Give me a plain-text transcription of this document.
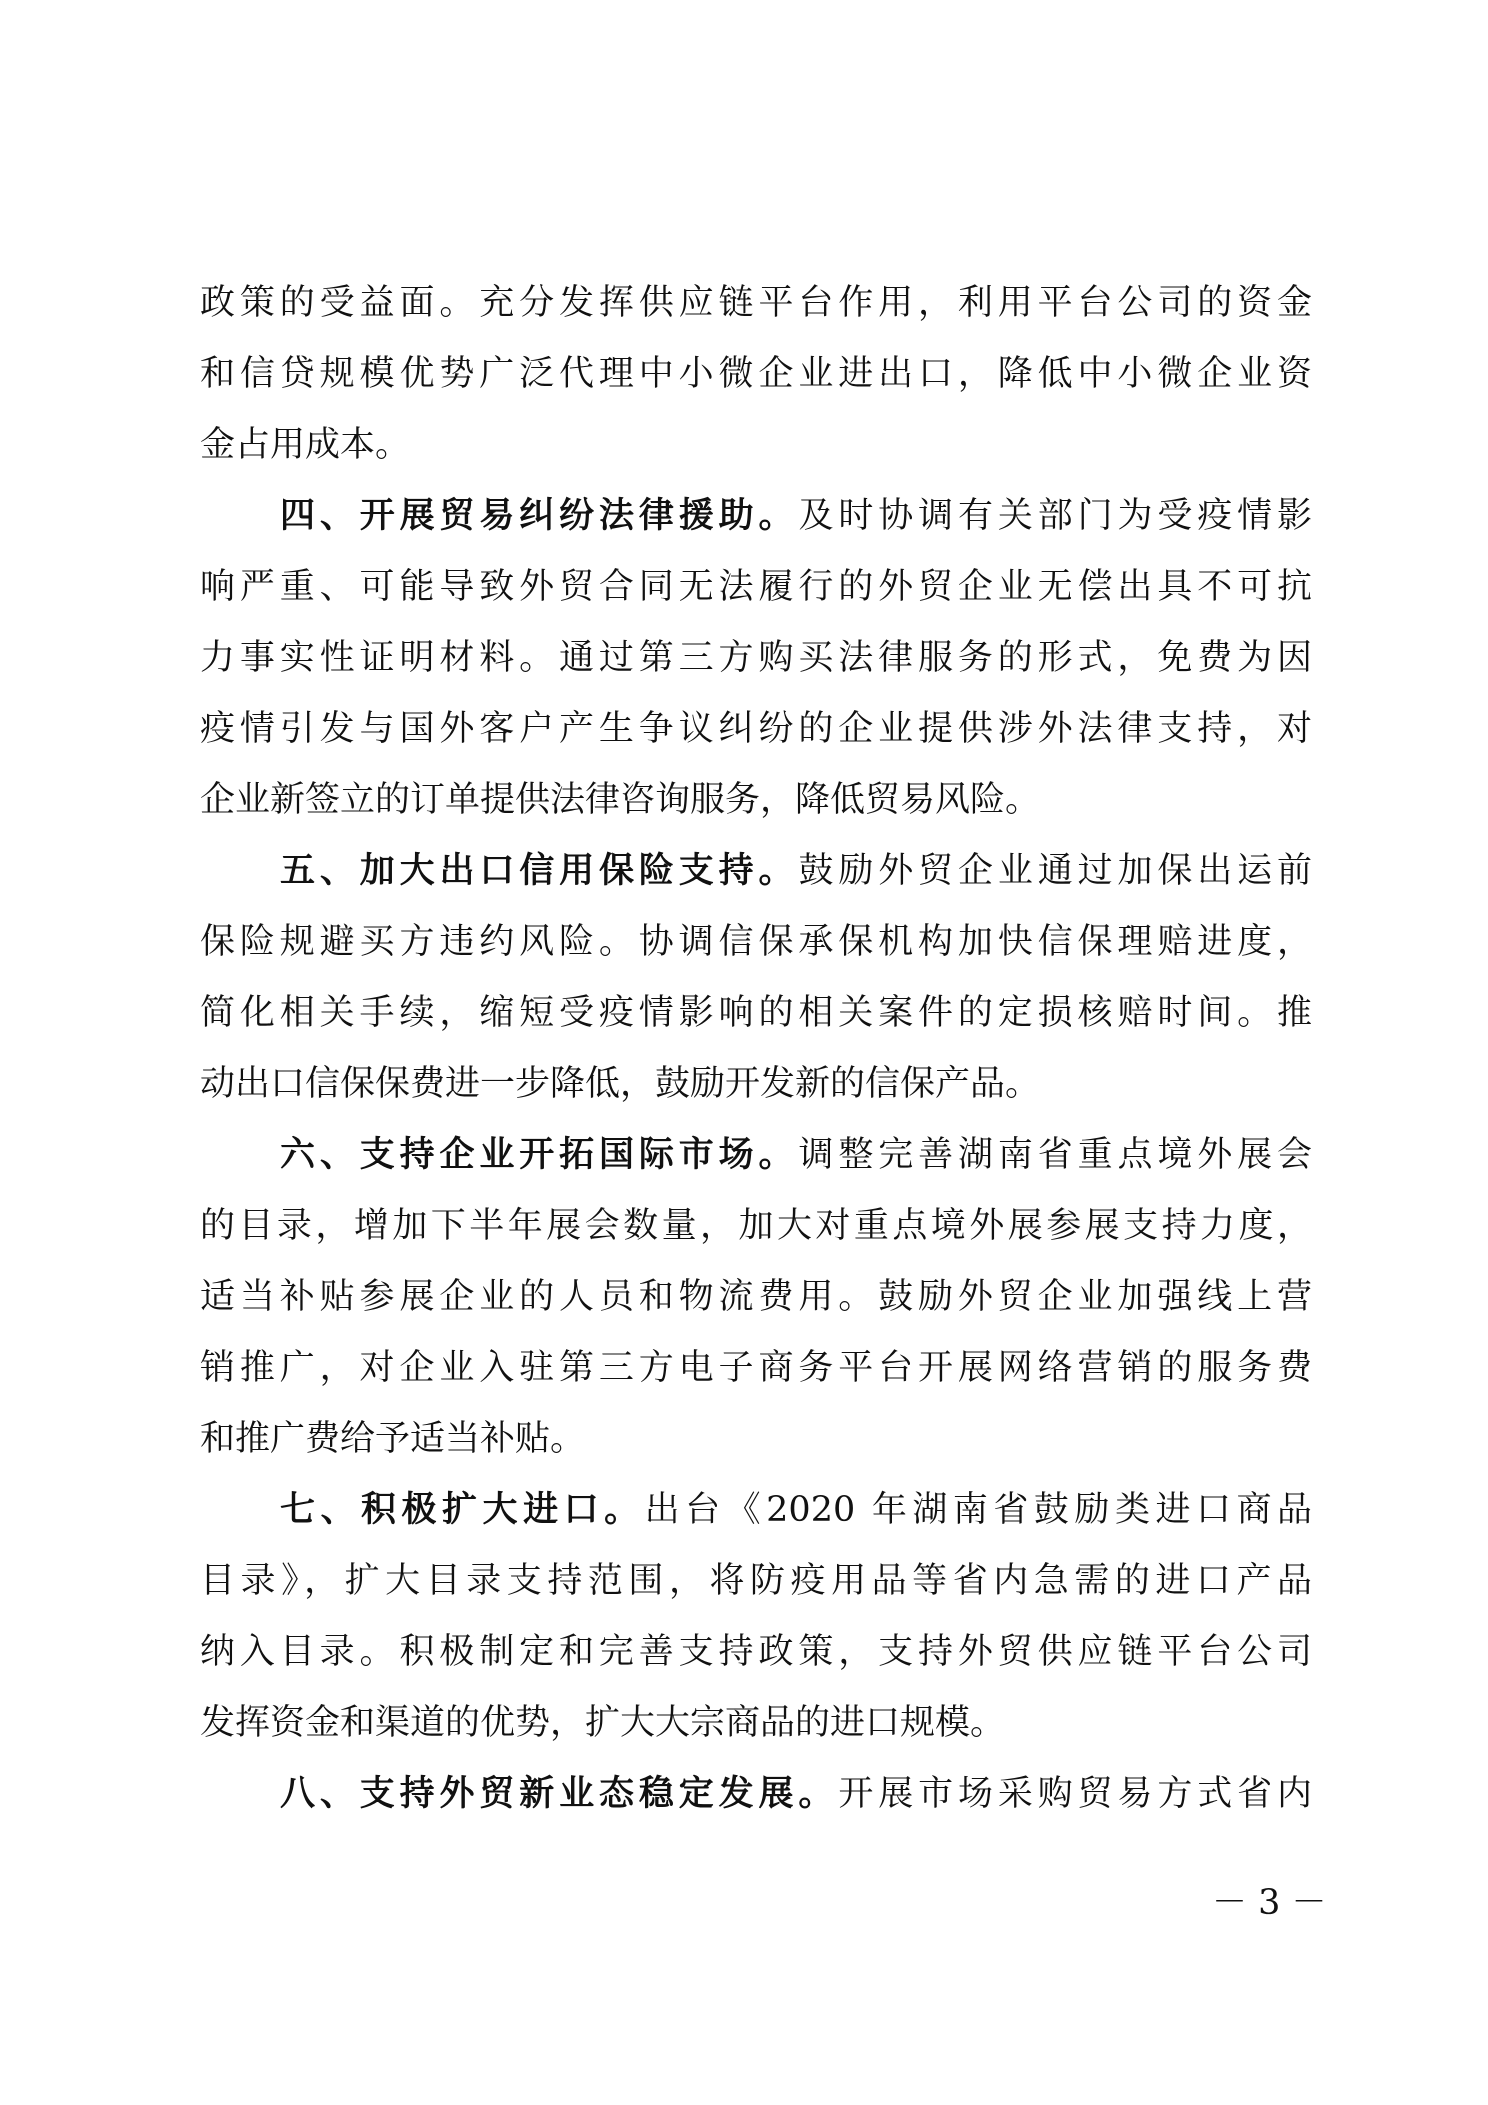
政策的受益面。充分发挥供应链平台作用，利用平台公司的资金
和信贷规模优势广泛代理中小微企业进出口，降低中小微企业资
金占用成本。
四、开展贸易纠纷法律援助。及时协调有关部门为受疫情影
响严重、可能导致外贸合同无法履行的外贸企业无偿出具不可抗
力事实性证明材料。通过第三方购买法律服务的形式，免费为因
疫情引发与国外客户产生争议纠纷的企业提供涉外法律支持，对
企业新签立的订单提供法律咨询服务，降低贸易风险。
五、加大出口信用保险支持。鼓励外贸企业通过加保出运前
保险规避买方违约风险。协调信保承保机构加快信保理赔进度，
简化相关手续，缩短受疫情影响的相关案件的定损核赔时间。推
动出口信保保费进一步降低，鼓励开发新的信保产品。
六、支持企业开拓国际市场。调整完善湖南省重点境外展会
的目录，增加下半年展会数量，加大对重点境外展参展支持力度，
适当补贴参展企业的人员和物流费用。鼓励外贸企业加强线上营
销推广，对企业入驻第三方电子商务平台开展网络营销的服务费
和推广费给予适当补贴。
七、积极扩大进口。出台《2020 年湖南省鼓励类进口商品
目录》，扩大目录支持范围，将防疫用品等省内急需的进口产品
纳入目录。积极制定和完善支持政策，支持外贸供应链平台公司
发挥资金和渠道的优势，扩大大宗商品的进口规模。
八、支持外贸新业态稳定发展。开展市场采购贸易方式省内
－ 3 －
